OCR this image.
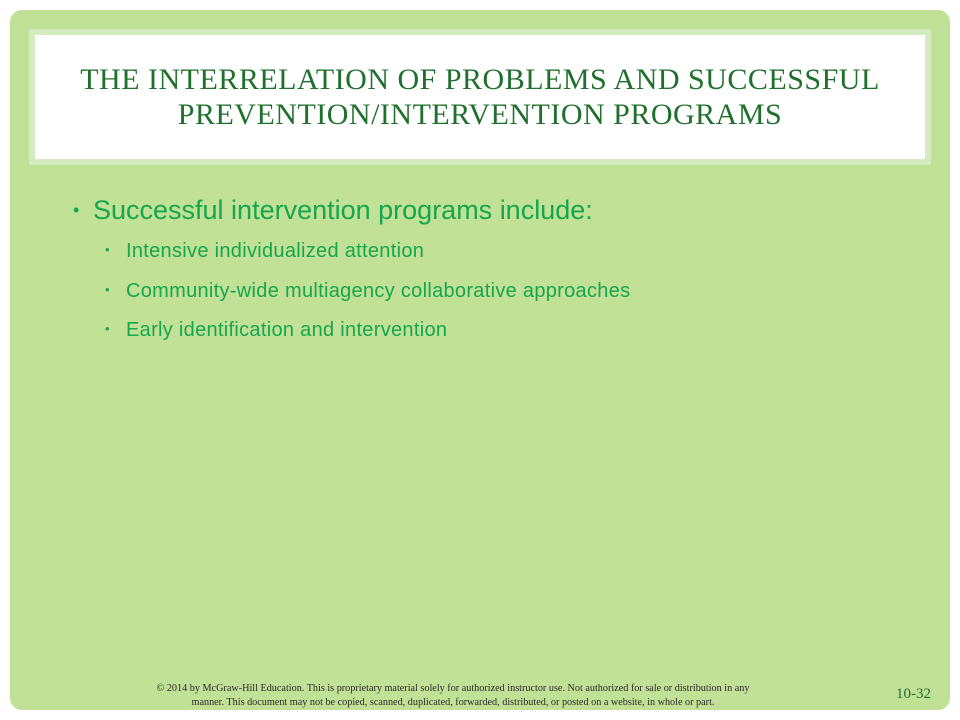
THE INTERRELATION OF PROBLEMS AND SUCCESSFUL PREVENTION/INTERVENTION PROGRAMS
• Successful intervention programs include:
• Intensive individualized attention
• Community-wide multiagency collaborative approaches
• Early identification and intervention
© 2014 by McGraw-Hill Education. This is proprietary material solely for authorized instructor use. Not authorized for sale or distribution in any
manner. This document may not be copied, scanned, duplicated, forwarded, distributed, or posted on a website, in whole or part.
10-32
